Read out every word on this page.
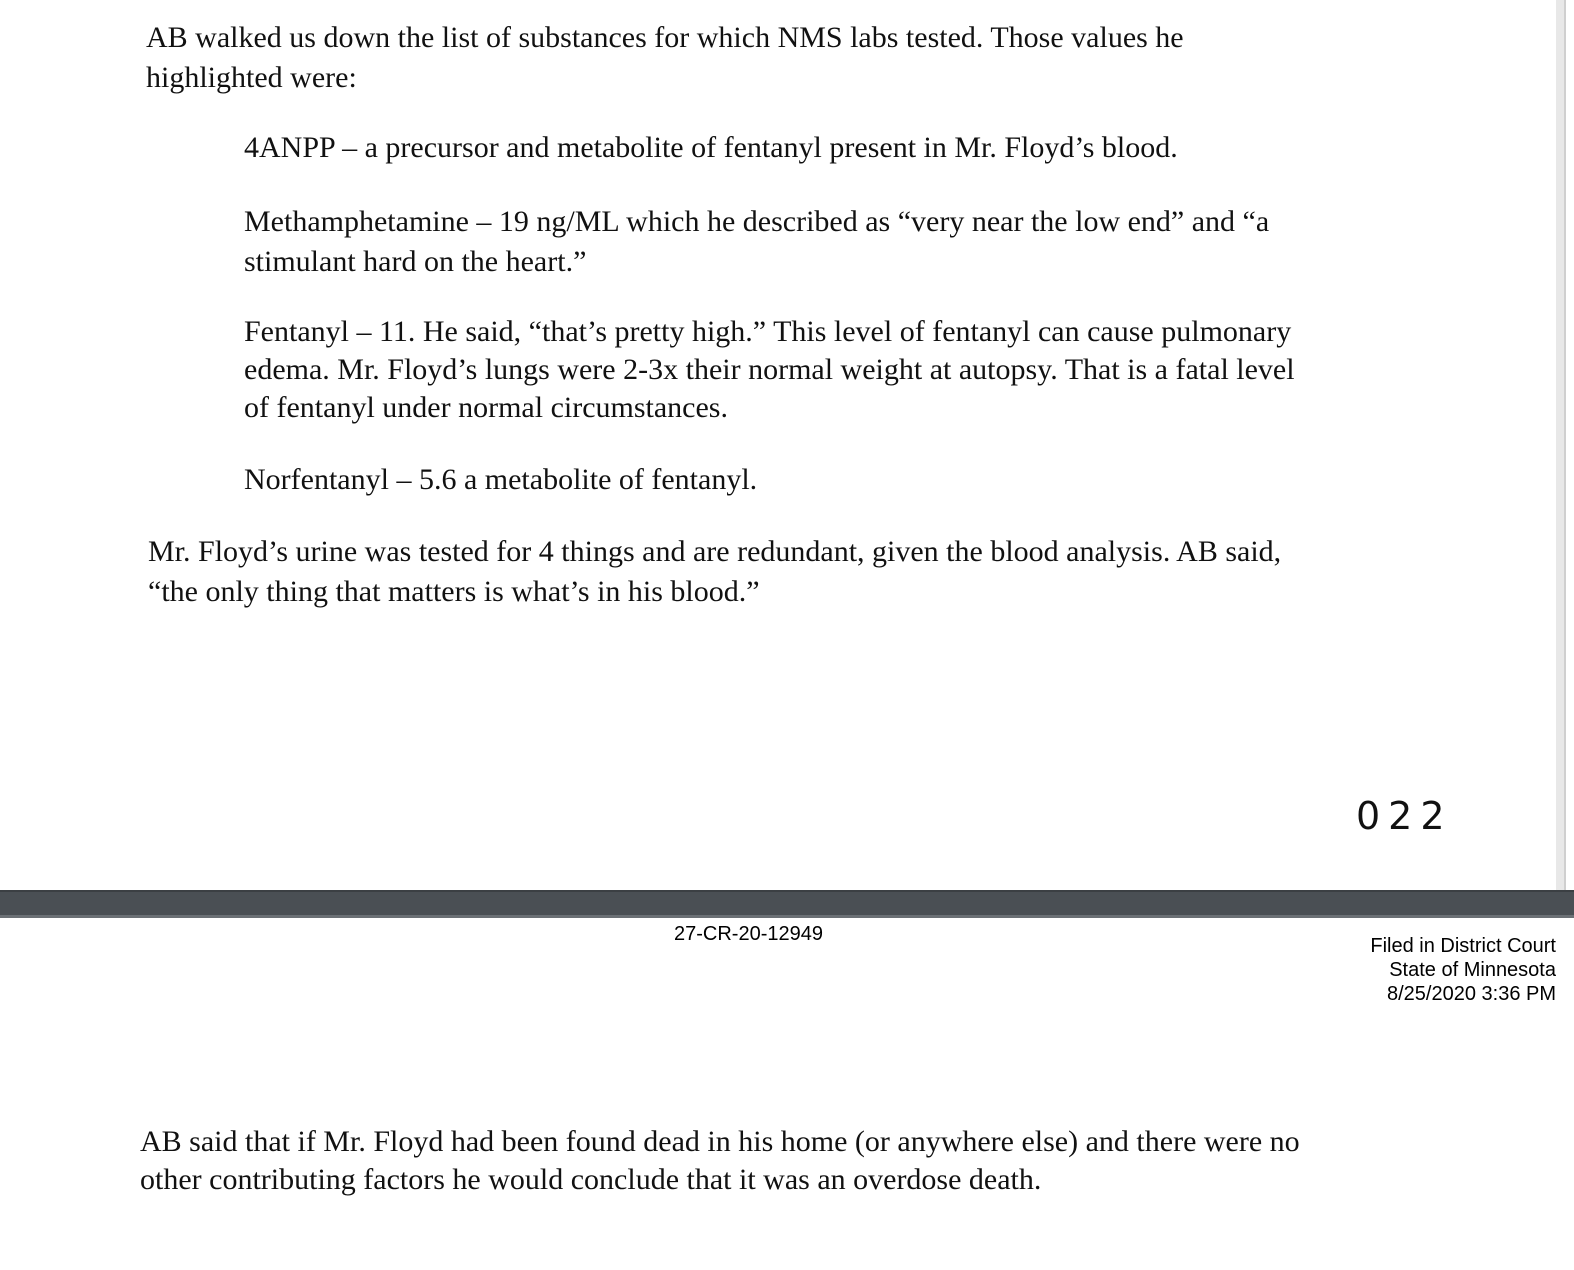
AB walked us down the list of substances for which NMS labs tested. Those values he

highlighted were:

4ANPP – a precursor and metabolite of fentanyl present in Mr. Floyd’s blood.

Methamphetamine – 19 ng/ML which he described as “very near the low end” and “a

stimulant hard on the heart.”

Fentanyl – 11. He said, “that’s pretty high.” This level of fentanyl can cause pulmonary

edema. Mr. Floyd’s lungs were 2-3x their normal weight at autopsy. That is a fatal level

of fentanyl under normal circumstances.

Norfentanyl – 5.6 a metabolite of fentanyl.

Mr. Floyd’s urine was tested for 4 things and are redundant, given the blood analysis. AB said,

“the only thing that matters is what’s in his blood.”

022
27-CR-20-12949
Filed in District Court
State of Minnesota
8/25/2020 3:36 PM

AB said that if Mr. Floyd had been found dead in his home (or anywhere else) and there were no

other contributing factors he would conclude that it was an overdose death.
